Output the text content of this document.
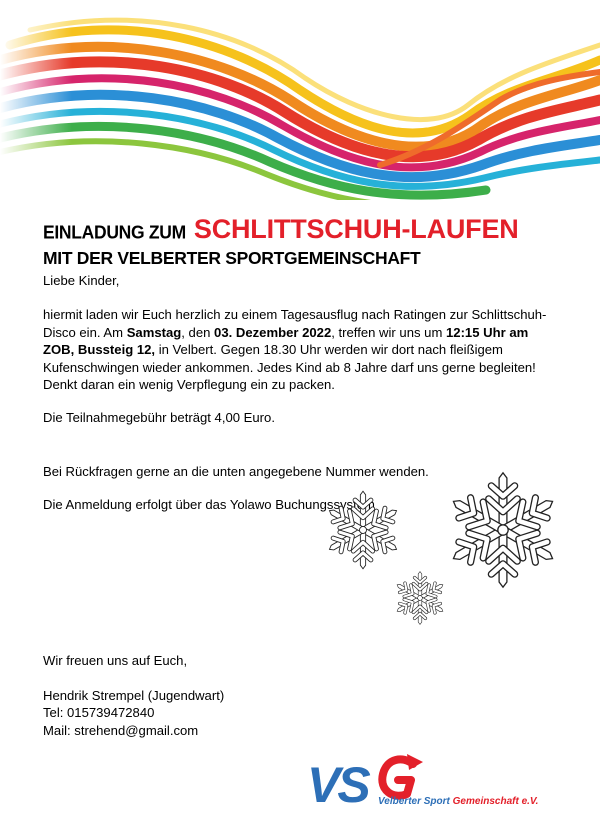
EINLADUNG ZUM SCHLITTSCHUH-LAUFEN
MIT DER VELBERTER SPORTGEMEINSCHAFT

Liebe Kinder,

hiermit laden wir Euch herzlich zu einem Tagesausflug nach Ratingen zur Schlittschuh-Disco ein. Am Samstag, den 03. Dezember 2022, treffen wir uns um 12:15 Uhr am ZOB, Bussteig 12, in Velbert. Gegen 18.30 Uhr werden wir dort nach fleißigem Kufenschwingen wieder ankommen. Jedes Kind ab 8 Jahre darf uns gerne begleiten! Denkt daran ein wenig Verpflegung ein zu packen.

Die Teilnahmegebühr beträgt 4,00 Euro.

Bei Rückfragen gerne an die unten angegebene Nummer wenden.

Die Anmeldung erfolgt über das Yolawo Buchungssystem

Wir freuen uns auf Euch,

Hendrik Strempel (Jugendwart)

Tel: 015739472840

Mail: strehend@gmail.com

VS Velberter Sport Gemeinschaft e.V.
